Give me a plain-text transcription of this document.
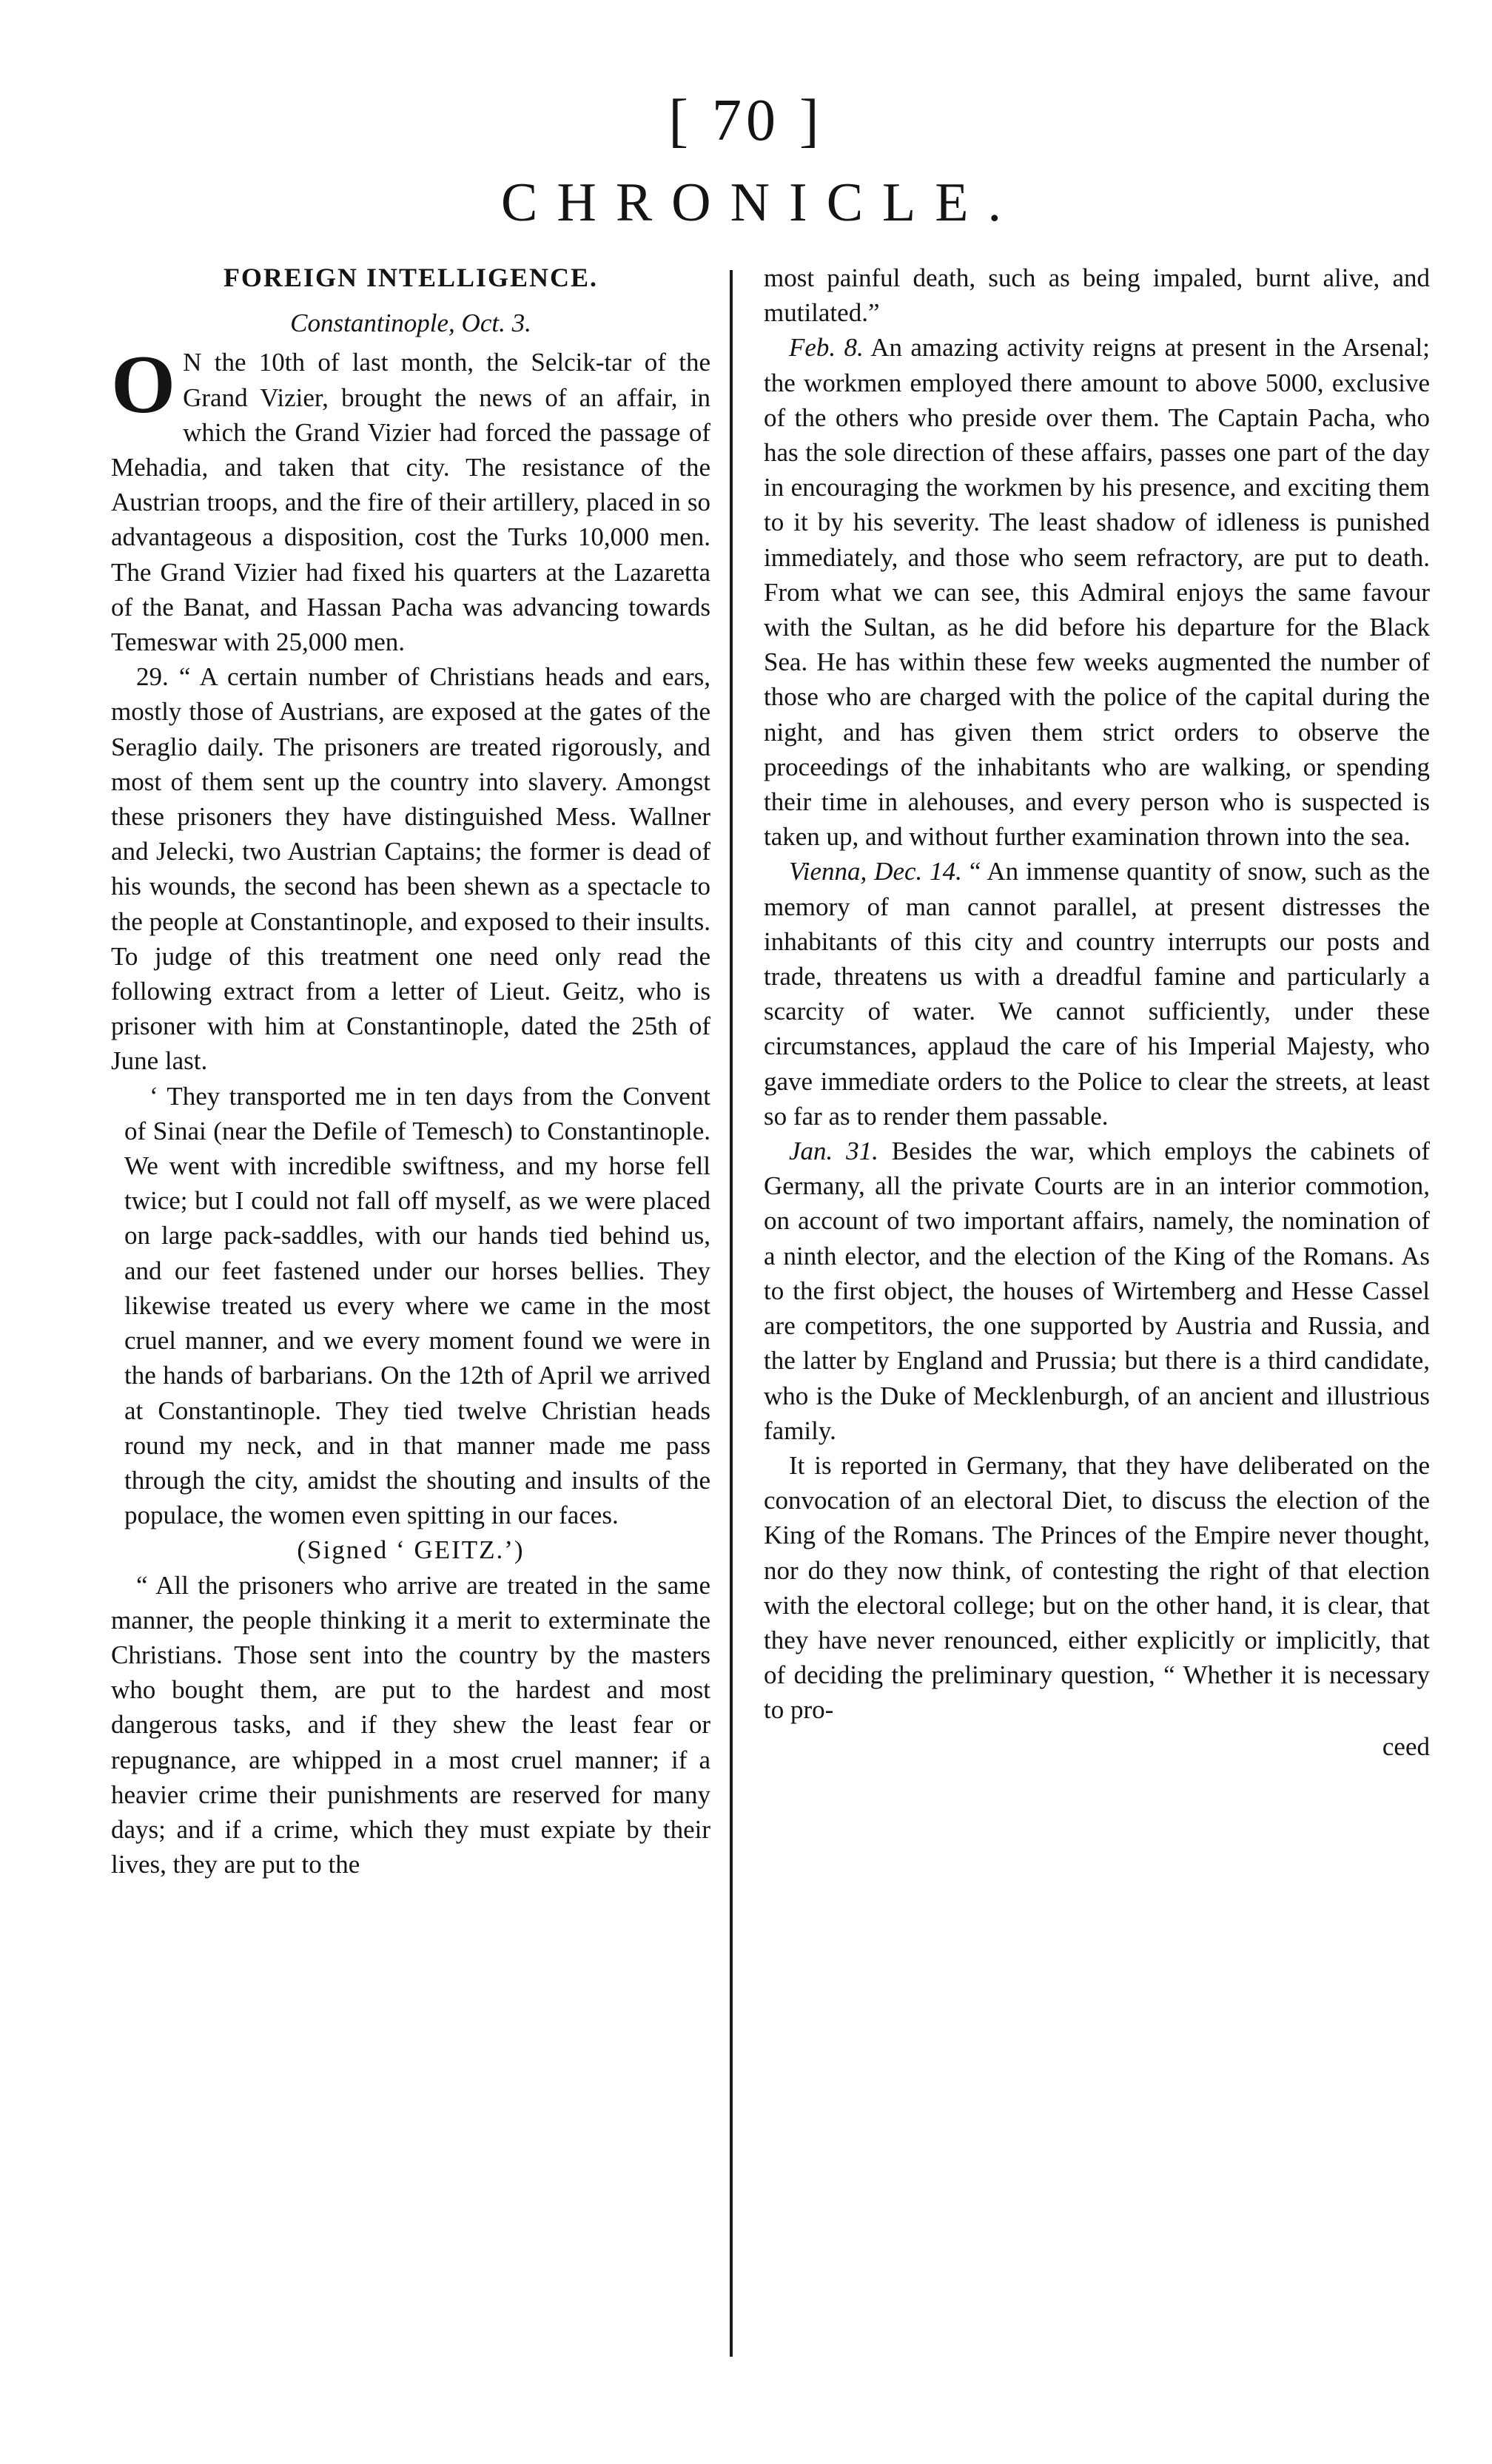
[ 70 ]
CHRONICLE.

FOREIGN INTELLIGENCE.

Constantinople, Oct. 3.

O N the 10th of last month, the Selcik-tar of the Grand Vizier, brought the news of an affair, in which the Grand Vizier had forced the passage of Mehadia, and taken that city. The resistance of the Austrian troops, and the fire of their artillery, placed in so advantageous a disposition, cost the Turks 10,000 men. The Grand Vizier had fixed his quarters at the Lazaretta of the Banat, and Hassan Pacha was advancing towards Temeswar with 25,000 men.

29. “ A certain number of Christians heads and ears, mostly those of Austrians, are exposed at the gates of the Seraglio daily. The prisoners are treated rigorously, and most of them sent up the country into slavery. Amongst these prisoners they have distinguished Mess. Wallner and Jelecki, two Austrian Captains; the former is dead of his wounds, the second has been shewn as a spectacle to the people at Constantinople, and exposed to their insults. To judge of this treatment one need only read the following extract from a letter of Lieut. Geitz, who is prisoner with him at Constantinople, dated the 25th of June last.

‘ They transported me in ten days from the Convent of Sinai (near the Defile of Temesch) to Constantinople. We went with incredible swiftness, and my horse fell twice; but I could not fall off myself, as we were placed on large pack-saddles, with our hands tied behind us, and our feet fastened under our horses bellies. They likewise treated us every where we came in the most cruel manner, and we every moment found we were in the hands of barbarians. On the 12th of April we arrived at Constantinople. They tied twelve Christian heads round my neck, and in that manner made me pass through the city, amidst the shouting and insults of the populace, the women even spitting in our faces.

(Signed ‘ GEITZ.’)

“ All the prisoners who arrive are treated in the same manner, the people thinking it a merit to exterminate the Christians. Those sent into the country by the masters who bought them, are put to the hardest and most dangerous tasks, and if they shew the least fear or repugnance, are whipped in a most cruel manner; if a heavier crime their punishments are reserved for many days; and if a crime, which they must expiate by their lives, they are put to the

most painful death, such as being impaled, burnt alive, and mutilated.”

Feb. 8. An amazing activity reigns at present in the Arsenal; the workmen employed there amount to above 5000, exclusive of the others who preside over them. The Captain Pacha, who has the sole direction of these affairs, passes one part of the day in encouraging the workmen by his presence, and exciting them to it by his severity. The least shadow of idleness is punished immediately, and those who seem refractory, are put to death. From what we can see, this Admiral enjoys the same favour with the Sultan, as he did before his departure for the Black Sea. He has within these few weeks augmented the number of those who are charged with the police of the capital during the night, and has given them strict orders to observe the proceedings of the inhabitants who are walking, or spending their time in alehouses, and every person who is suspected is taken up, and without further examination thrown into the sea.

Vienna, Dec. 14. “ An immense quantity of snow, such as the memory of man cannot parallel, at present distresses the inhabitants of this city and country interrupts our posts and trade, threatens us with a dreadful famine and particularly a scarcity of water. We cannot sufficiently, under these circumstances, applaud the care of his Imperial Majesty, who gave immediate orders to the Police to clear the streets, at least so far as to render them passable.

Jan. 31. Besides the war, which employs the cabinets of Germany, all the private Courts are in an interior commotion, on account of two important affairs, namely, the nomination of a ninth elector, and the election of the King of the Romans. As to the first object, the houses of Wirtemberg and Hesse Cassel are competitors, the one supported by Austria and Russia, and the latter by England and Prussia; but there is a third candidate, who is the Duke of Mecklenburgh, of an ancient and illustrious family.

It is reported in Germany, that they have deliberated on the convocation of an electoral Diet, to discuss the election of the King of the Romans. The Princes of the Empire never thought, nor do they now think, of contesting the right of that election with the electoral college; but on the other hand, it is clear, that they have never renounced, either explicitly or implicitly, that of deciding the preliminary question, “ Whether it is necessary to pro-

ceed
